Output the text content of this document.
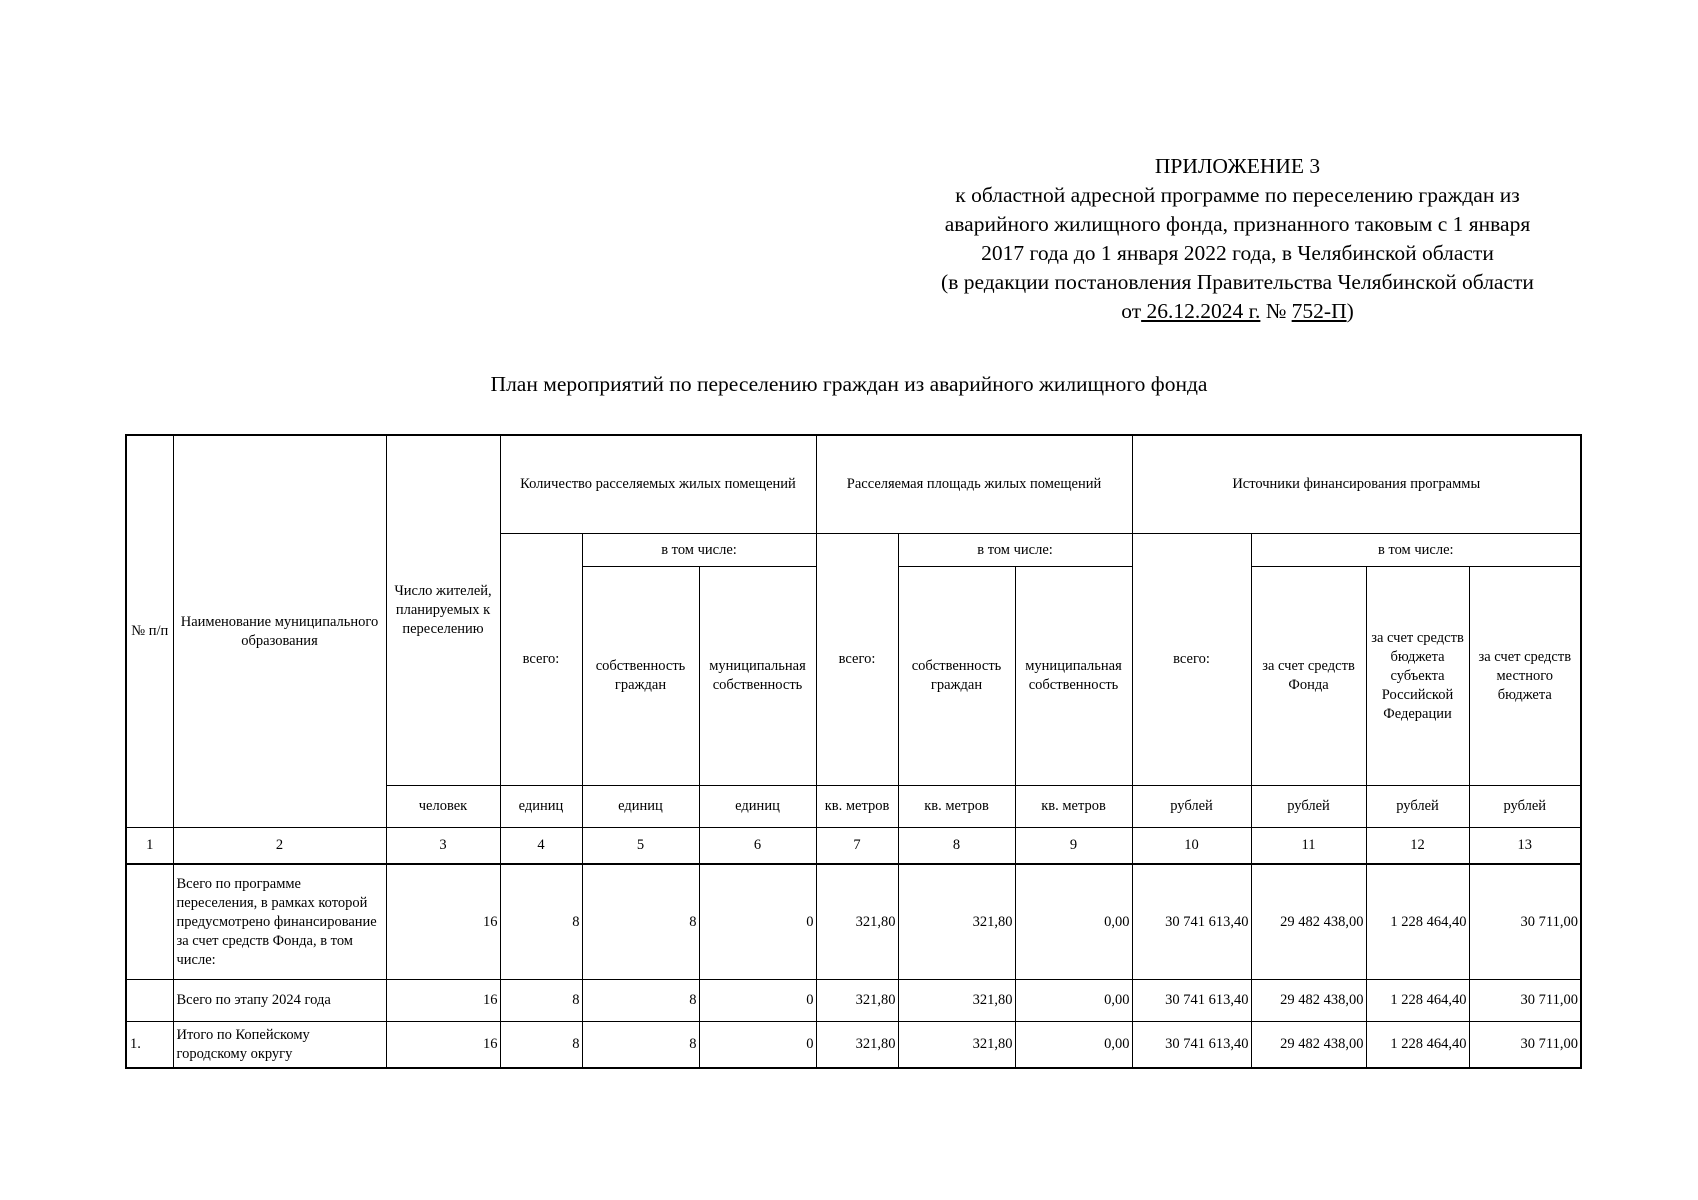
ПРИЛОЖЕНИЕ 3
к областной адресной программе по переселению граждан из
аварийного жилищного фонда, признанного таковым с 1 января
2017 года до 1 января 2022 года, в Челябинской области
(в редакции постановления Правительства Челябинской области
от 26.12.2024 г. № 752-П)
План мероприятий по переселению граждан из аварийного жилищного фонда
№ п/п	Наименование муниципального образования	Число жителей, планируемых к переселению	Количество расселяемых жилых помещений			Расселяемая площадь жилых помещений			Источники финансирования программы			
			всего:	в том числе:		всего:	в том числе:		всего:	в том числе:		
				собственность граждан	муниципальная собственность		собственность граждан	муниципальная собственность		за счет средств Фонда	за счет средств бюджета субъекта Российской Федерации	за счет средств местного бюджета
		человек	единиц	единиц	единиц	кв. метров	кв. метров	кв. метров	рублей	рублей	рублей	рублей
1	2	3	4	5	6	7	8	9	10	11	12	13
	Всего по программе переселения, в рамках которой предусмотрено финансирование за счет средств Фонда, в том числе:	16	8	8	0	321,80	321,80	0,00	30 741 613,40	29 482 438,00	1 228 464,40	30 711,00
	Всего по этапу 2024 года	16	8	8	0	321,80	321,80	0,00	30 741 613,40	29 482 438,00	1 228 464,40	30 711,00
1.	Итого по Копейскому городскому округу	16	8	8	0	321,80	321,80	0,00	30 741 613,40	29 482 438,00	1 228 464,40	30 711,00
